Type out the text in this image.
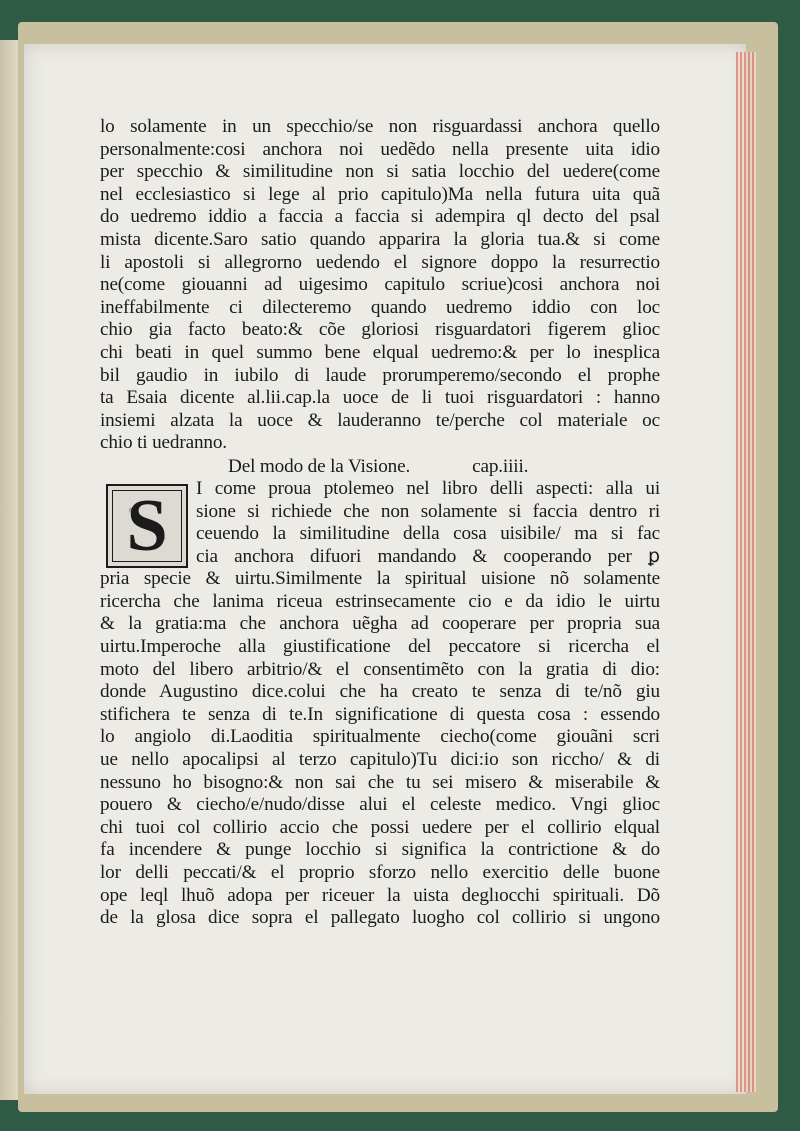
lo solamente in un specchio/se non risguardassi anchora quello
personalmente:cosi anchora noi uedẽdo nella presente uita idio
per specchio & similitudine non si satia locchio del uedere(come
nel ecclesiastico si lege al prio capitulo)Ma nella futura uita quã
do uedremo iddio a faccia a faccia si adempira ql decto del psal
mista dicente.Saro satio quando apparira la gloria tua.& si come
li apostoli si allegrorno uedendo el signore doppo la resurrectio
ne(come giouanni ad uigesimo capitulo scriue)cosi anchora noi
ineffabilmente ci dilecteremo quando uedremo iddio con loc
chio gia facto beato:& cõe gloriosi risguardatori figerem glioc
chi beati in quel summo bene elqual uedremo:& per lo inesplica
bil gaudio in iubilo di laude prorumperemo/secondo el prophe
ta Esaia dicente al.lii.cap.la uoce de li tuoi risguardatori : hanno
insiemi alzata la uoce & lauderanno te/perche col materiale oc
chio ti uedranno.
Del modo de la Visione.	cap.iiii.
S I come proua ptolemeo nel libro delli aspecti: alla ui
sione si richiede che non solamente si faccia dentro ri
ceuendo la similitudine della cosa uisibile/ ma si fac
cia anchora difuori mandando & cooperando per ꝑ
pria specie & uirtu.Similmente la spiritual uisione nõ solamente
ricercha che lanima riceua estrinsecamente cio e da idio le uirtu
& la gratia:ma che anchora uẽgha ad cooperare per propria sua
uirtu.Imperoche alla giustificatione del peccatore si ricercha el
moto del libero arbitrio/& el consentimẽto con la gratia di dio:
donde Augustino dice.colui che ha creato te senza di te/nõ giu
stifichera te senza di te.In significatione di questa cosa : essendo
lo angiolo di.Laoditia spiritualmente ciecho(come giouãni scri
ue nello apocalipsi al terzo capitulo)Tu dici:io son riccho/ & di
nessuno ho bisogno:& non sai che tu sei misero & miserabile &
pouero & ciecho/e/nudo/disse alui el celeste medico. Vngi glioc
chi tuoi col collirio accio che possi uedere per el collirio elqual
fa incendere & punge locchio si significa la contrictione & do
lor delli peccati/& el proprio sforzo nello exercitio delle buone
ope leql lhuõ adopa per riceuer la uista deglıocchi spirituali. Dõ
de la glosa dice sopra el pallegato luogho col collirio si ungono
